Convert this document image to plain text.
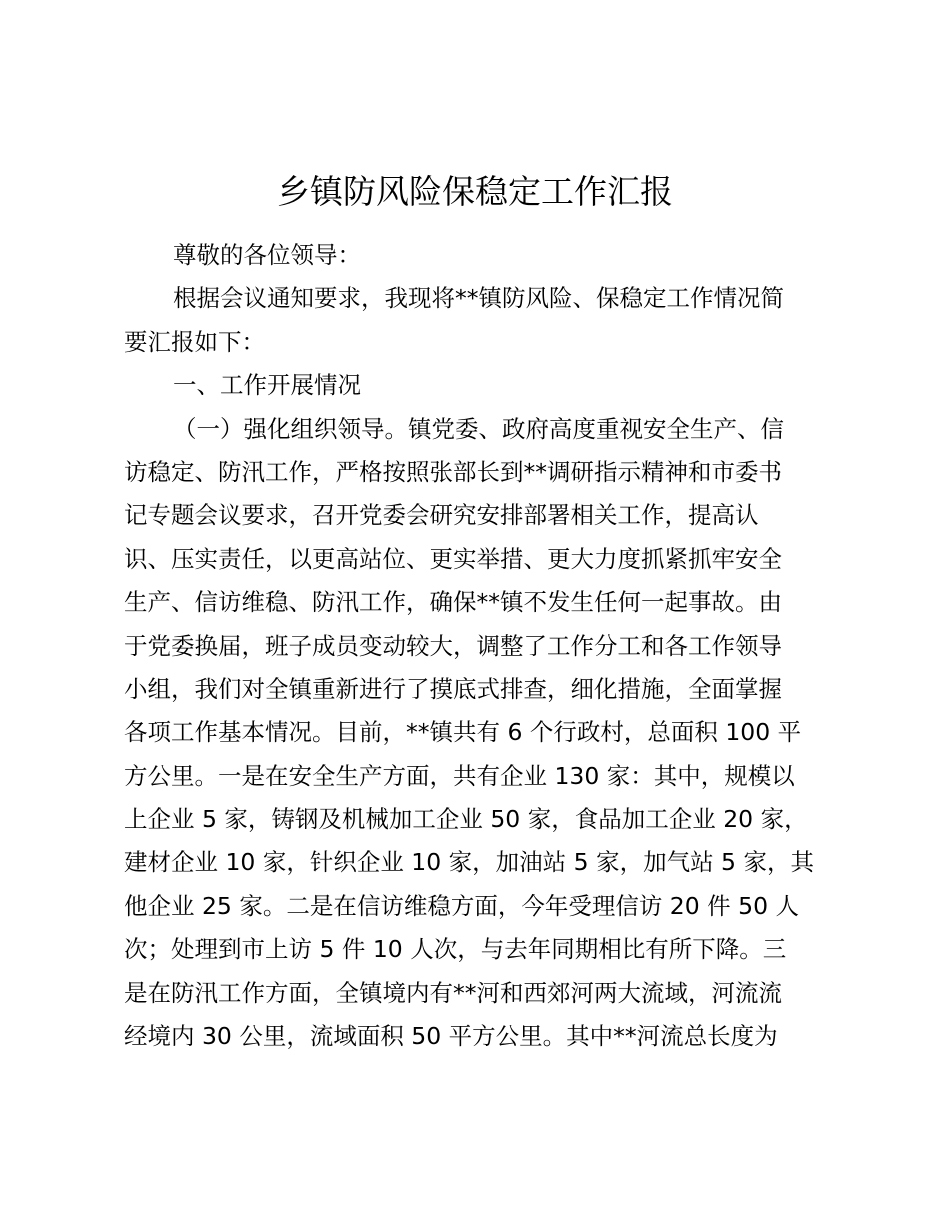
乡镇防风险保稳定工作汇报
尊敬的各位领导：
根据会议通知要求，我现将**镇防风险、保稳定工作情况简
要汇报如下：
一、工作开展情况
（一）强化组织领导。镇党委、政府高度重视安全生产、信
访稳定、防汛工作，严格按照张部长到**调研指示精神和市委书
记专题会议要求，召开党委会研究安排部署相关工作，提高认
识、压实责任，以更高站位、更实举措、更大力度抓紧抓牢安全
生产、信访维稳、防汛工作，确保**镇不发生任何一起事故。由
于党委换届，班子成员变动较大，调整了工作分工和各工作领导
小组，我们对全镇重新进行了摸底式排查，细化措施，全面掌握
各项工作基本情况。目前，**镇共有 6 个行政村，总面积 100 平
方公里。一是在安全生产方面，共有企业 130 家：其中，规模以
上企业 5 家，铸钢及机械加工企业 50 家，食品加工企业 20 家，
建材企业 10 家，针织企业 10 家，加油站 5 家，加气站 5 家，其
他企业 25 家。二是在信访维稳方面，今年受理信访 20 件 50 人
次；处理到市上访 5 件 10 人次，与去年同期相比有所下降。三
是在防汛工作方面，全镇境内有**河和西郊河两大流域，河流流
经境内 30 公里，流域面积 50 平方公里。其中**河流总长度为
